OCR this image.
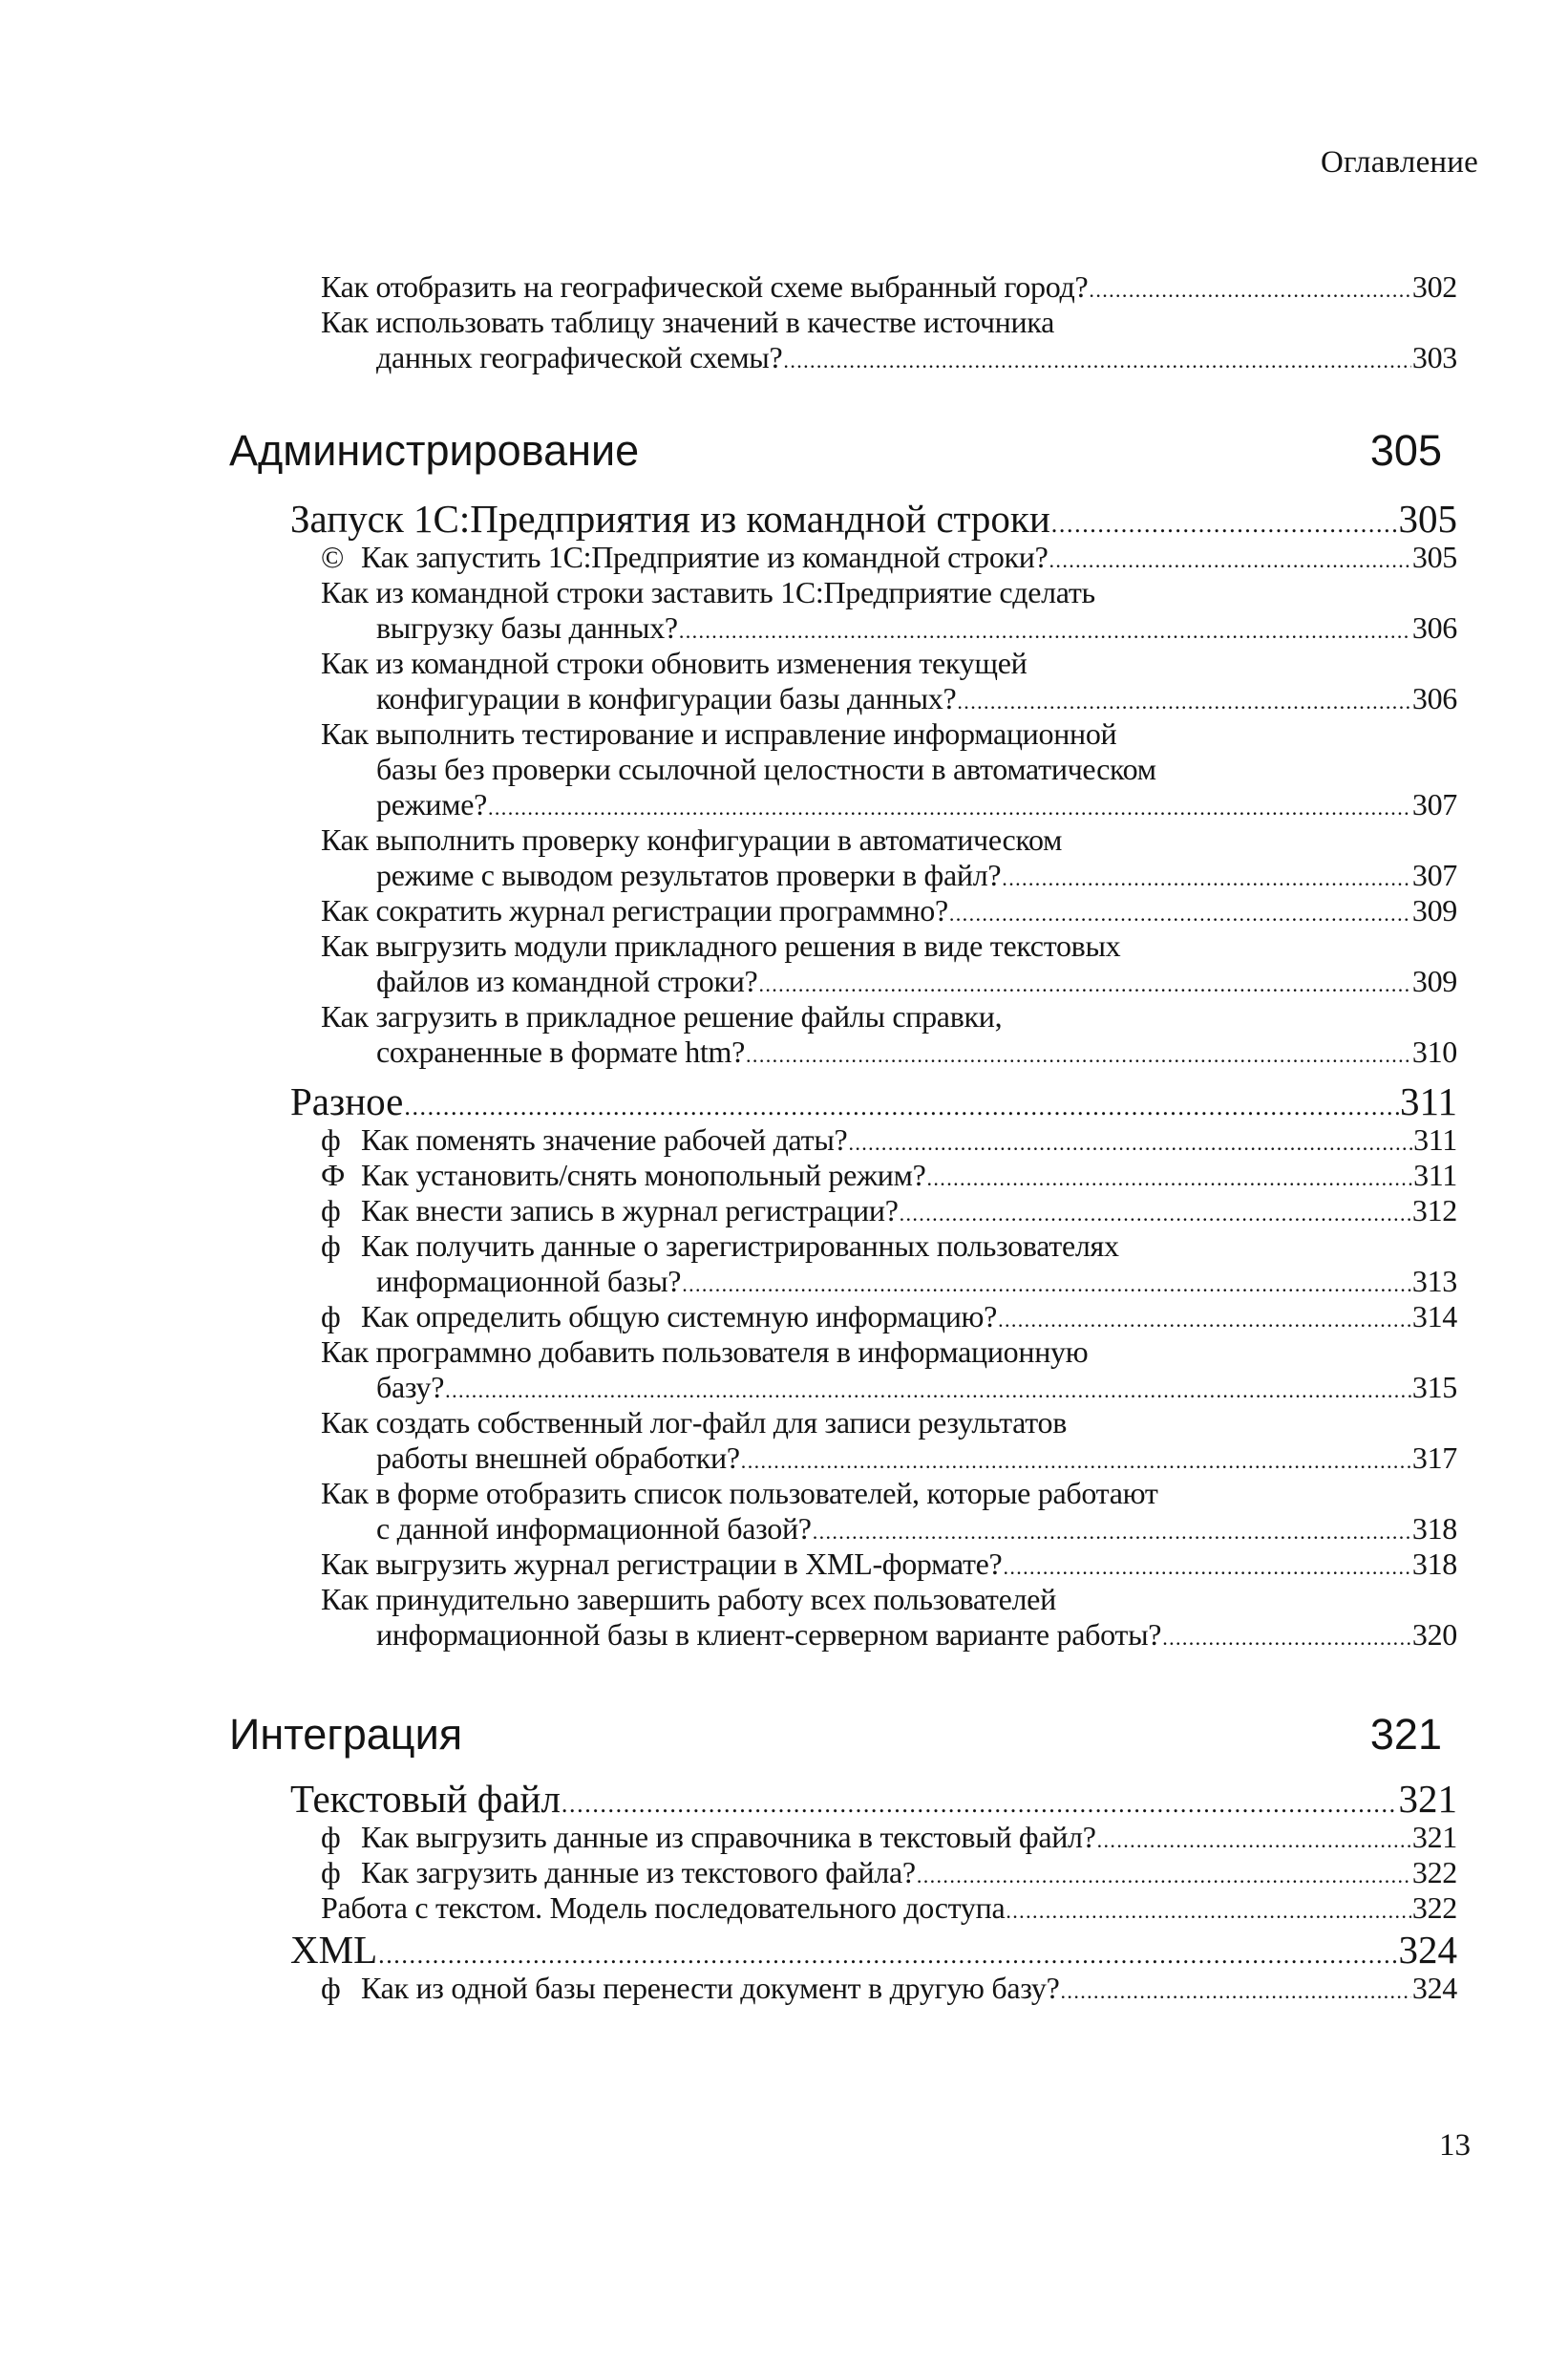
Оглавление
Как отобразить на географической схеме выбранный город? .....	302
Как использовать таблицу значений в качестве источника
данных географической схемы? .....	303
Администрирование	305
Запуск 1С:Предприятия из командной строки .....	305
© Как запустить 1С:Предприятие из командной строки? .....	305
Как из командной строки заставить 1С:Предприятие сделать
выгрузку базы данных? .....	306
Как из командной строки обновить изменения текущей
конфигурации в конфигурации базы данных? .....	306
Как выполнить тестирование и исправление информационной
базы без проверки ссылочной целостности в автоматическом
режиме? .....	307
Как выполнить проверку конфигурации в автоматическом
режиме с выводом результатов проверки в файл? .....	307
Как сократить журнал регистрации программно? .....	309
Как выгрузить модули прикладного решения в виде текстовых
файлов из командной строки? .....	309
Как загрузить в прикладное решение файлы справки,
сохраненные в формате htm? .....	310
Разное .....	311
ф Как поменять значение рабочей даты? .....	311
Ф Как установить/снять монопольный режим? .....	311
ф Как внести запись в журнал регистрации? .....	312
ф Как получить данные о зарегистрированных пользователях
информационной базы? .....	313
ф Как определить общую системную информацию? .....	314
Как программно добавить пользователя в информационную
базу? .....	315
Как создать собственный лог-файл для записи результатов
работы внешней обработки? .....	317
Как в форме отобразить список пользователей, которые работают
с данной информационной базой? .....	318
Как выгрузить журнал регистрации в XML-формате? .....	318
Как принудительно завершить работу всех пользователей
информационной базы в клиент-серверном варианте работы? .....	320
Интеграция	321
Текстовый файл .....	321
ф Как выгрузить данные из справочника в текстовый файл? .....	321
ф Как загрузить данные из текстового файла? .....	322
Работа с текстом. Модель последовательного доступа .....	322
XML .....	324
ф Как из одной базы перенести документ в другую базу? .....	324
13
